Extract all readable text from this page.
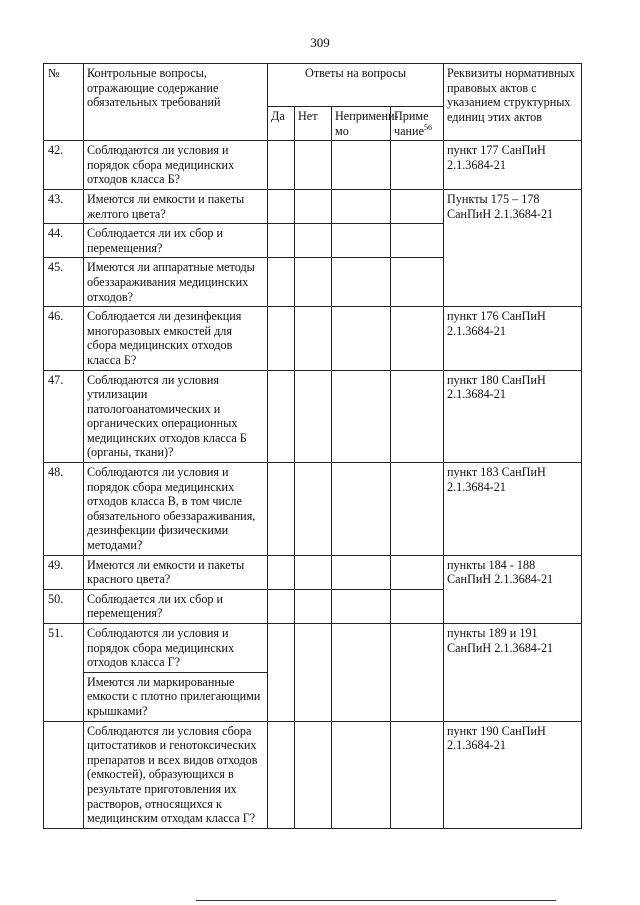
309
№	Контрольные вопросы, отражающие содержание обязательных требований	Ответы на вопросы				Реквизиты нормативных правовых актов с указанием структурных единиц этих актов
		Да	Нет	Непримени-мо	Приме чание$^{56}$
42.	Соблюдаются ли условия и порядок сбора медицинских отходов класса Б?					пункт 177 СанПиН 2.1.3684-21
43.	Имеются ли емкости и пакеты желтого цвета?					Пункты 175 – 178 СанПиН 2.1.3684-21
44.	Соблюдается ли их сбор и перемещения?					
45.	Имеются ли аппаратные методы обеззараживания медицинских отходов?					
46.	Соблюдается ли дезинфекция многоразовых емкостей для сбора медицинских отходов класса Б?					пункт 176 СанПиН 2.1.3684-21
47.	Соблюдаются ли условия утилизации патологоанатомических и органических операционных медицинских отходов класса Б (органы, ткани)?					пункт 180 СанПиН 2.1.3684-21
48.	Соблюдаются ли условия и порядок сбора медицинских отходов класса В, в том числе обязательного обеззараживания, дезинфекции физическими методами?					пункт 183 СанПиН 2.1.3684-21
49.	Имеются ли емкости и пакеты красного цвета?					пункты 184 - 188 СанПиН 2.1.3684-21
50.	Соблюдается ли их сбор и перемещения?					
51.	Соблюдаются ли условия и порядок сбора медицинских отходов класса Г?					пункты 189 и 191 СанПиН 2.1.3684-21
	Имеются ли маркированные емкости с плотно прилегающими крышками?					
	Соблюдаются ли условия сбора цитостатиков и генотоксических препаратов и всех видов отходов (емкостей), образующихся в результате приготовления их растворов, относящихся к медицинским отходам класса Г?					пункт 190 СанПиН 2.1.3684-21
